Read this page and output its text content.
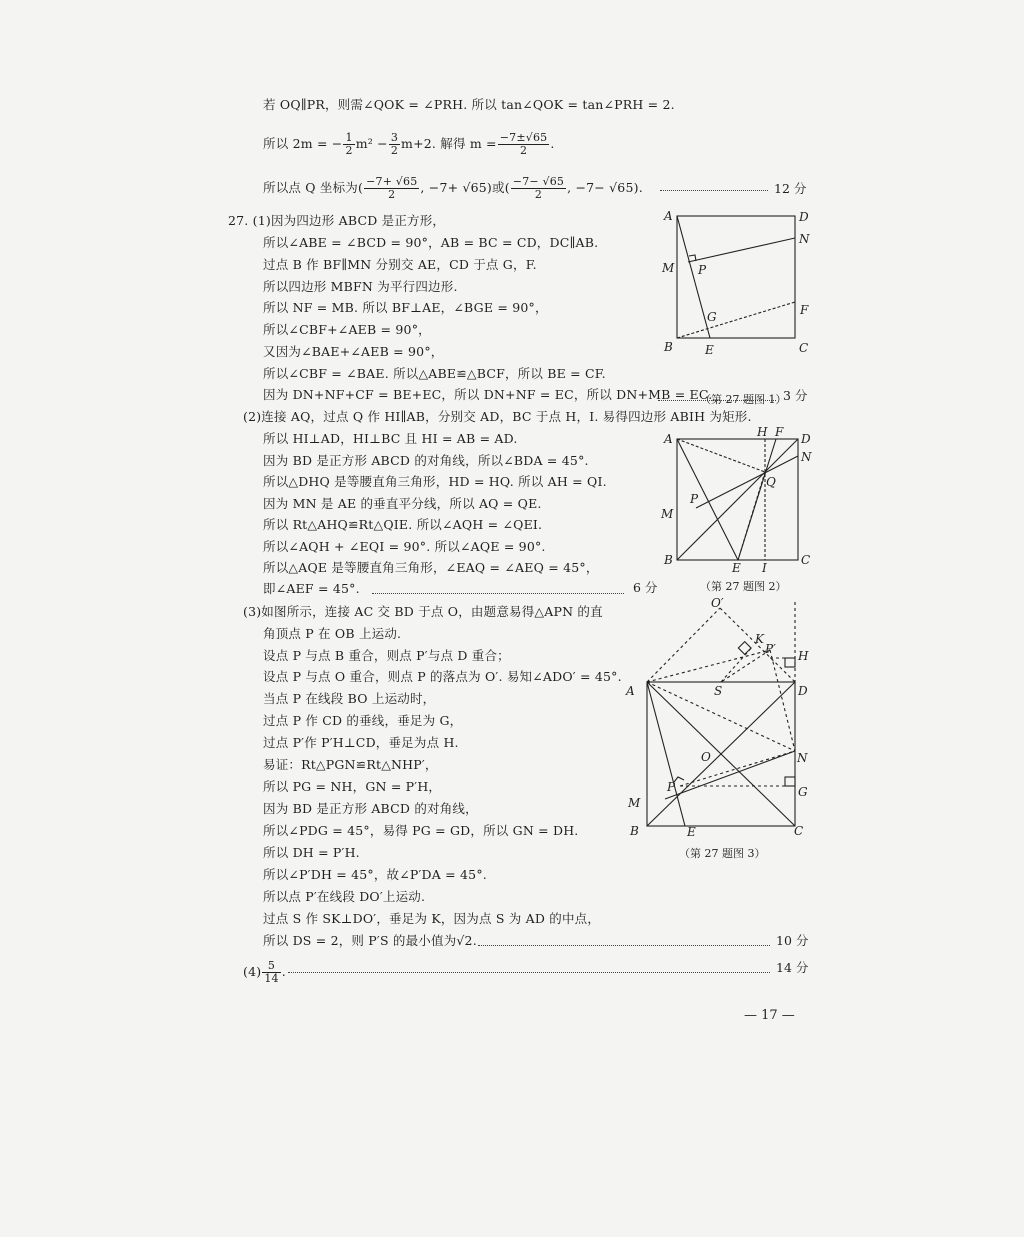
若 OQ∥PR，则需∠QOK = ∠PRH. 所以 tan∠QOK = tan∠PRH = 2.
所以 2m = − $\frac{1}{2} m^2 - \frac{3}{2} m+2$. 解得 $m = \frac{-7\pm√65}{2}$ .
所以点 Q 坐标为( $\frac{-7+ √65}{2}$ , −7+ √65)或( $\frac{-7- √65}{2}$ , −7− √65).	12 分
27. (1)因为四边形 ABCD 是正方形，
所以∠ABE = ∠BCD = 90°，AB = BC = CD，DC∥AB.
过点 B 作 BF∥MN 分别交 AE，CD 于点 G，F.
所以四边形 MBFN 为平行四边形.
所以 NF = MB. 所以 BF⊥AE，∠BGE = 90°，
所以∠CBF+∠AEB = 90°，
又因为∠BAE+∠AEB = 90°，
所以∠CBF = ∠BAE. 所以△ABE≌△BCF，所以 BE = CF.
因为 DN+NF+CF = BE+EC，所以 DN+NF = EC，所以 DN+MB = EC.	3 分
(2)连接 AQ，过点 Q 作 HI∥AB，分别交 AD，BC 于点 H，I. 易得四边形 ABIH 为矩形.
所以 HI⊥AD，HI⊥BC 且 HI = AB = AD.
因为 BD 是正方形 ABCD 的对角线，所以∠BDA = 45°.
所以△DHQ 是等腰直角三角形，HD = HQ. 所以 AH = QI.
因为 MN 是 AE 的垂直平分线，所以 AQ = QE.
所以 Rt△AHQ≌Rt△QIE. 所以∠AQH = ∠QEI.
所以∠AQH + ∠EQI = 90°. 所以∠AQE = 90°.
所以△AQE 是等腰直角三角形，∠EAQ = ∠AEQ = 45°，
即∠AEF = 45°.	6 分
(3)如图所示，连接 AC 交 BD 于点 O，由题意易得△APN 的直
角顶点 P 在 OB 上运动.
设点 P 与点 B 重合，则点 P′与点 D 重合；
设点 P 与点 O 重合，则点 P 的落点为 O′. 易知∠ADO′ = 45°.
当点 P 在线段 BO 上运动时，
过点 P 作 CD 的垂线，垂足为 G，
过点 P′作 P′H⊥CD，垂足为点 H.
易证：Rt△PGN≌Rt△NHP′，
所以 PG = NH，GN = P′H，
因为 BD 是正方形 ABCD 的对角线，
所以∠PDG = 45°，易得 PG = GD，所以 GN = DH.
所以 DH = P′H.
所以∠P′DH = 45°，故∠P′DA = 45°.
所以点 P′在线段 DO′上运动.
过点 S 作 SK⊥DO′，垂足为 K，因为点 S 为 AD 的中点，
所以 DS = 2，则 P′S 的最小值为√2.	10 分
$(4) \frac{5}{14}$ .	14 分
A	D
N
M P
F
G
B	E	C
（第 27 题图 1）
A	H F D
N
Q
P
M
B
E I
C
（第 27 题图 2）
O′
K
P′ H
A	S	D
O	N
P	G
M
B	E	C
（第 27 题图 3）
— 17 —
